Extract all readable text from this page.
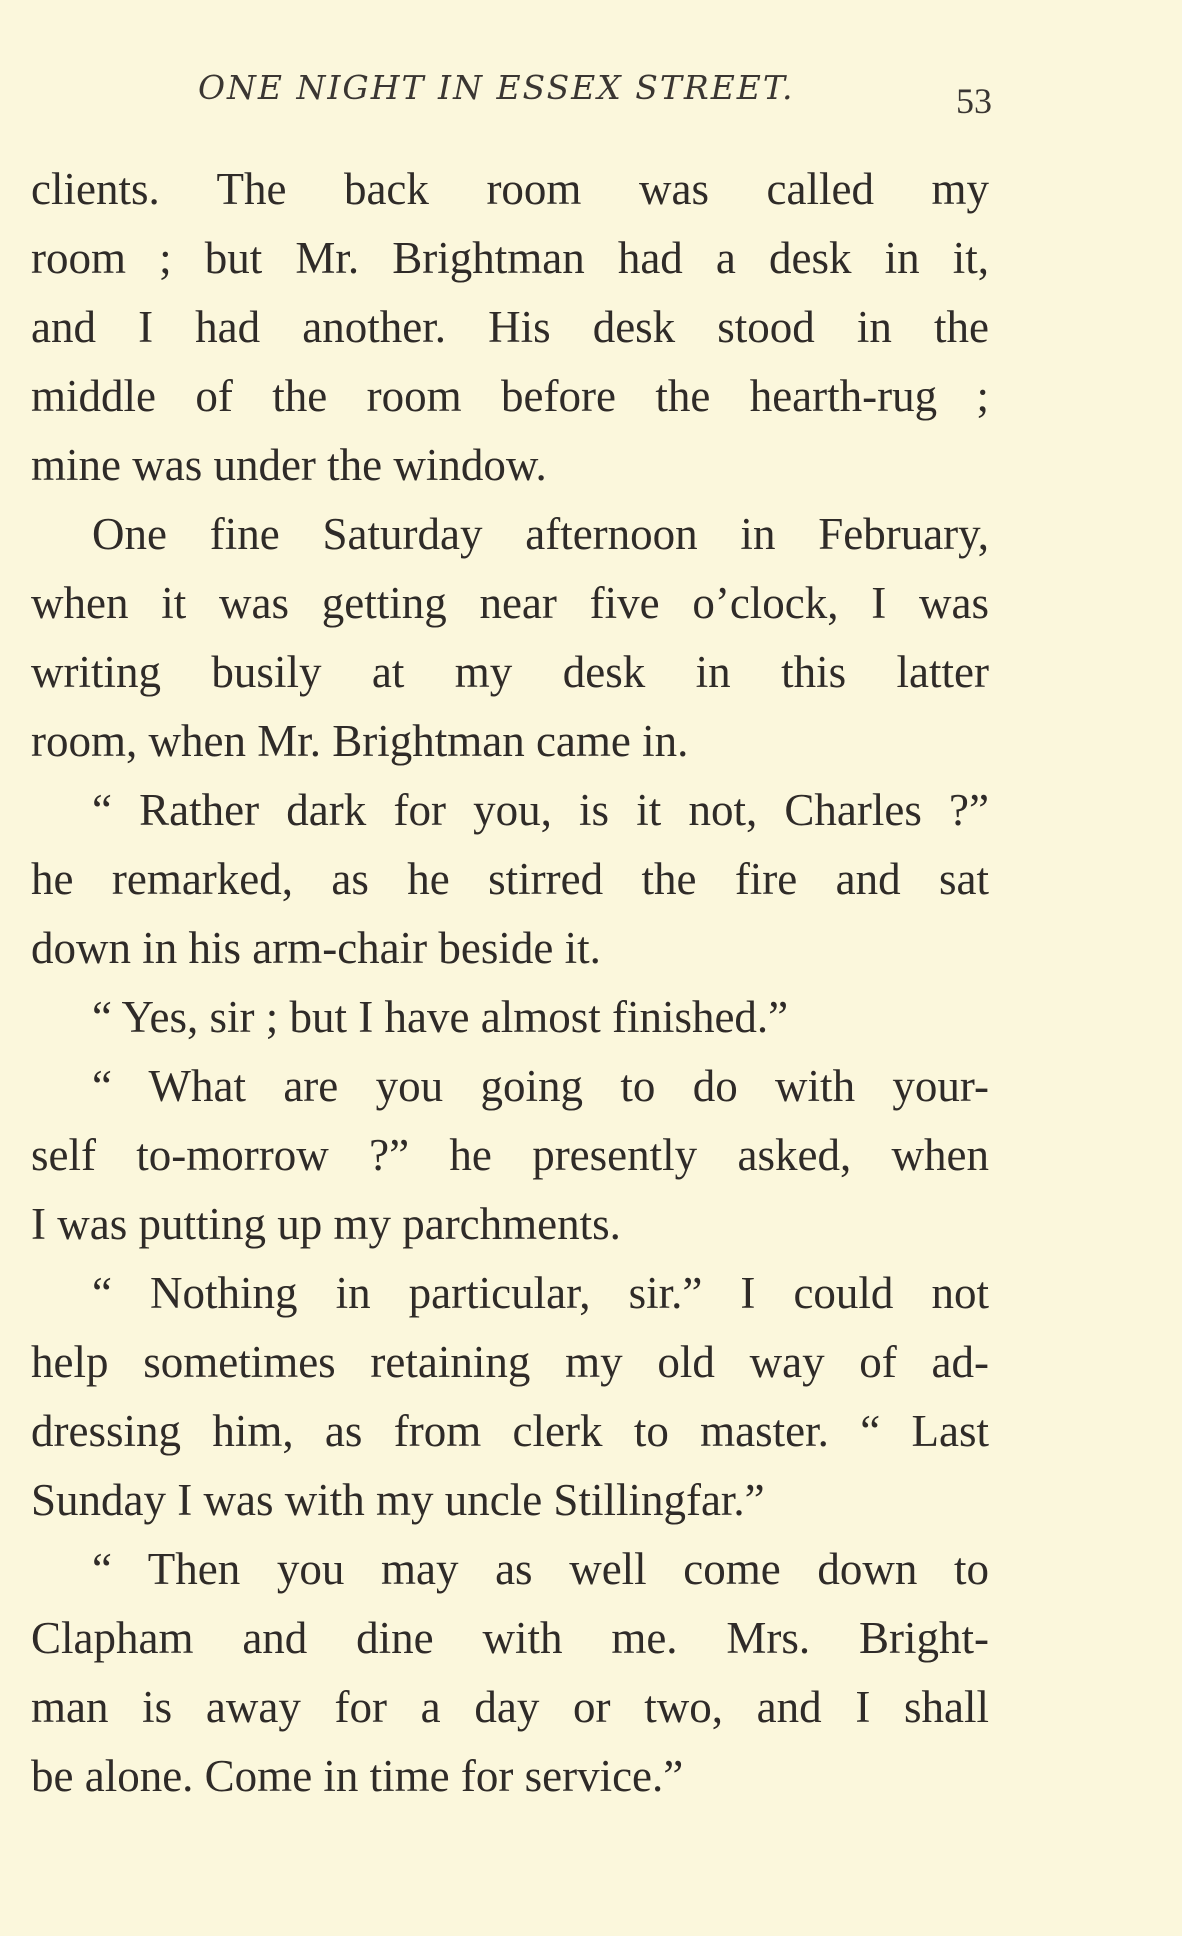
ONE NIGHT IN ESSEX STREET.	53
clients. The back room was called my
room ; but Mr. Brightman had a desk in it,
and I had another. His desk stood in the
middle of the room before the hearth-rug ;
mine was under the window.
One fine Saturday afternoon in February,
when it was getting near five o’clock, I was
writing busily at my desk in this latter
room, when Mr. Brightman came in.
“ Rather dark for you, is it not, Charles ?”
he remarked, as he stirred the fire and sat
down in his arm-chair beside it.
“ Yes, sir ; but I have almost finished.”
“ What are you going to do with your-
self to-morrow ?” he presently asked, when
I was putting up my parchments.
“ Nothing in particular, sir.” I could not
help sometimes retaining my old way of ad-
dressing him, as from clerk to master. “ Last
Sunday I was with my uncle Stillingfar.”
“ Then you may as well come down to
Clapham and dine with me. Mrs. Bright-
man is away for a day or two, and I shall
be alone. Come in time for service.”
